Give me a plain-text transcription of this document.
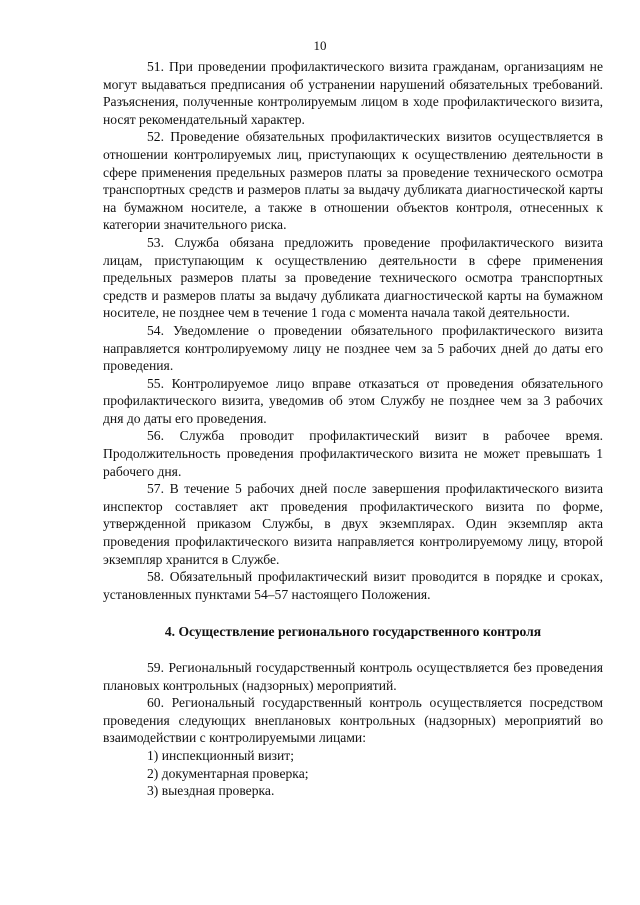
10

51. При проведении профилактического визита гражданам, организациям не могут выдаваться предписания об устранении нарушений обязательных требований. Разъяснения, полученные контролируемым лицом в ходе профилактического визита, носят рекомендательный характер.

52. Проведение обязательных профилактических визитов осуществляется в отношении контролируемых лиц, приступающих к осуществлению деятельности в сфере применения предельных размеров платы за проведение технического осмотра транспортных средств и размеров платы за выдачу дубликата диагностической карты на бумажном носителе, а также в отношении объектов контроля, отнесенных к категории значительного риска.

53. Служба обязана предложить проведение профилактического визита лицам, приступающим к осуществлению деятельности в сфере применения предельных размеров платы за проведение технического осмотра транспортных средств и размеров платы за выдачу дубликата диагностической карты на бумажном носителе, не позднее чем в течение 1 года с момента начала такой деятельности.

54. Уведомление о проведении обязательного профилактического визита направляется контролируемому лицу не позднее чем за 5 рабочих дней до даты его проведения.

55. Контролируемое лицо вправе отказаться от проведения обязательного профилактического визита, уведомив об этом Службу не позднее чем за 3 рабочих дня до даты его проведения.

56. Служба проводит профилактический визит в рабочее время. Продолжительность проведения профилактического визита не может превышать 1 рабочего дня.

57. В течение 5 рабочих дней после завершения профилактического визита инспектор составляет акт проведения профилактического визита по форме, утвержденной приказом Службы, в двух экземплярах. Один экземпляр акта проведения профилактического визита направляется контролируемому лицу, второй экземпляр хранится в Службе.

58. Обязательный профилактический визит проводится в порядке и сроках, установленных пунктами 54–57 настоящего Положения.

4. Осуществление регионального государственного контроля

59. Региональный государственный контроль осуществляется без проведения плановых контрольных (надзорных) мероприятий.

60. Региональный государственный контроль осуществляется посредством проведения следующих внеплановых контрольных (надзорных) мероприятий во взаимодействии с контролируемыми лицами:

1) инспекционный визит;

2) документарная проверка;

3) выездная проверка.
